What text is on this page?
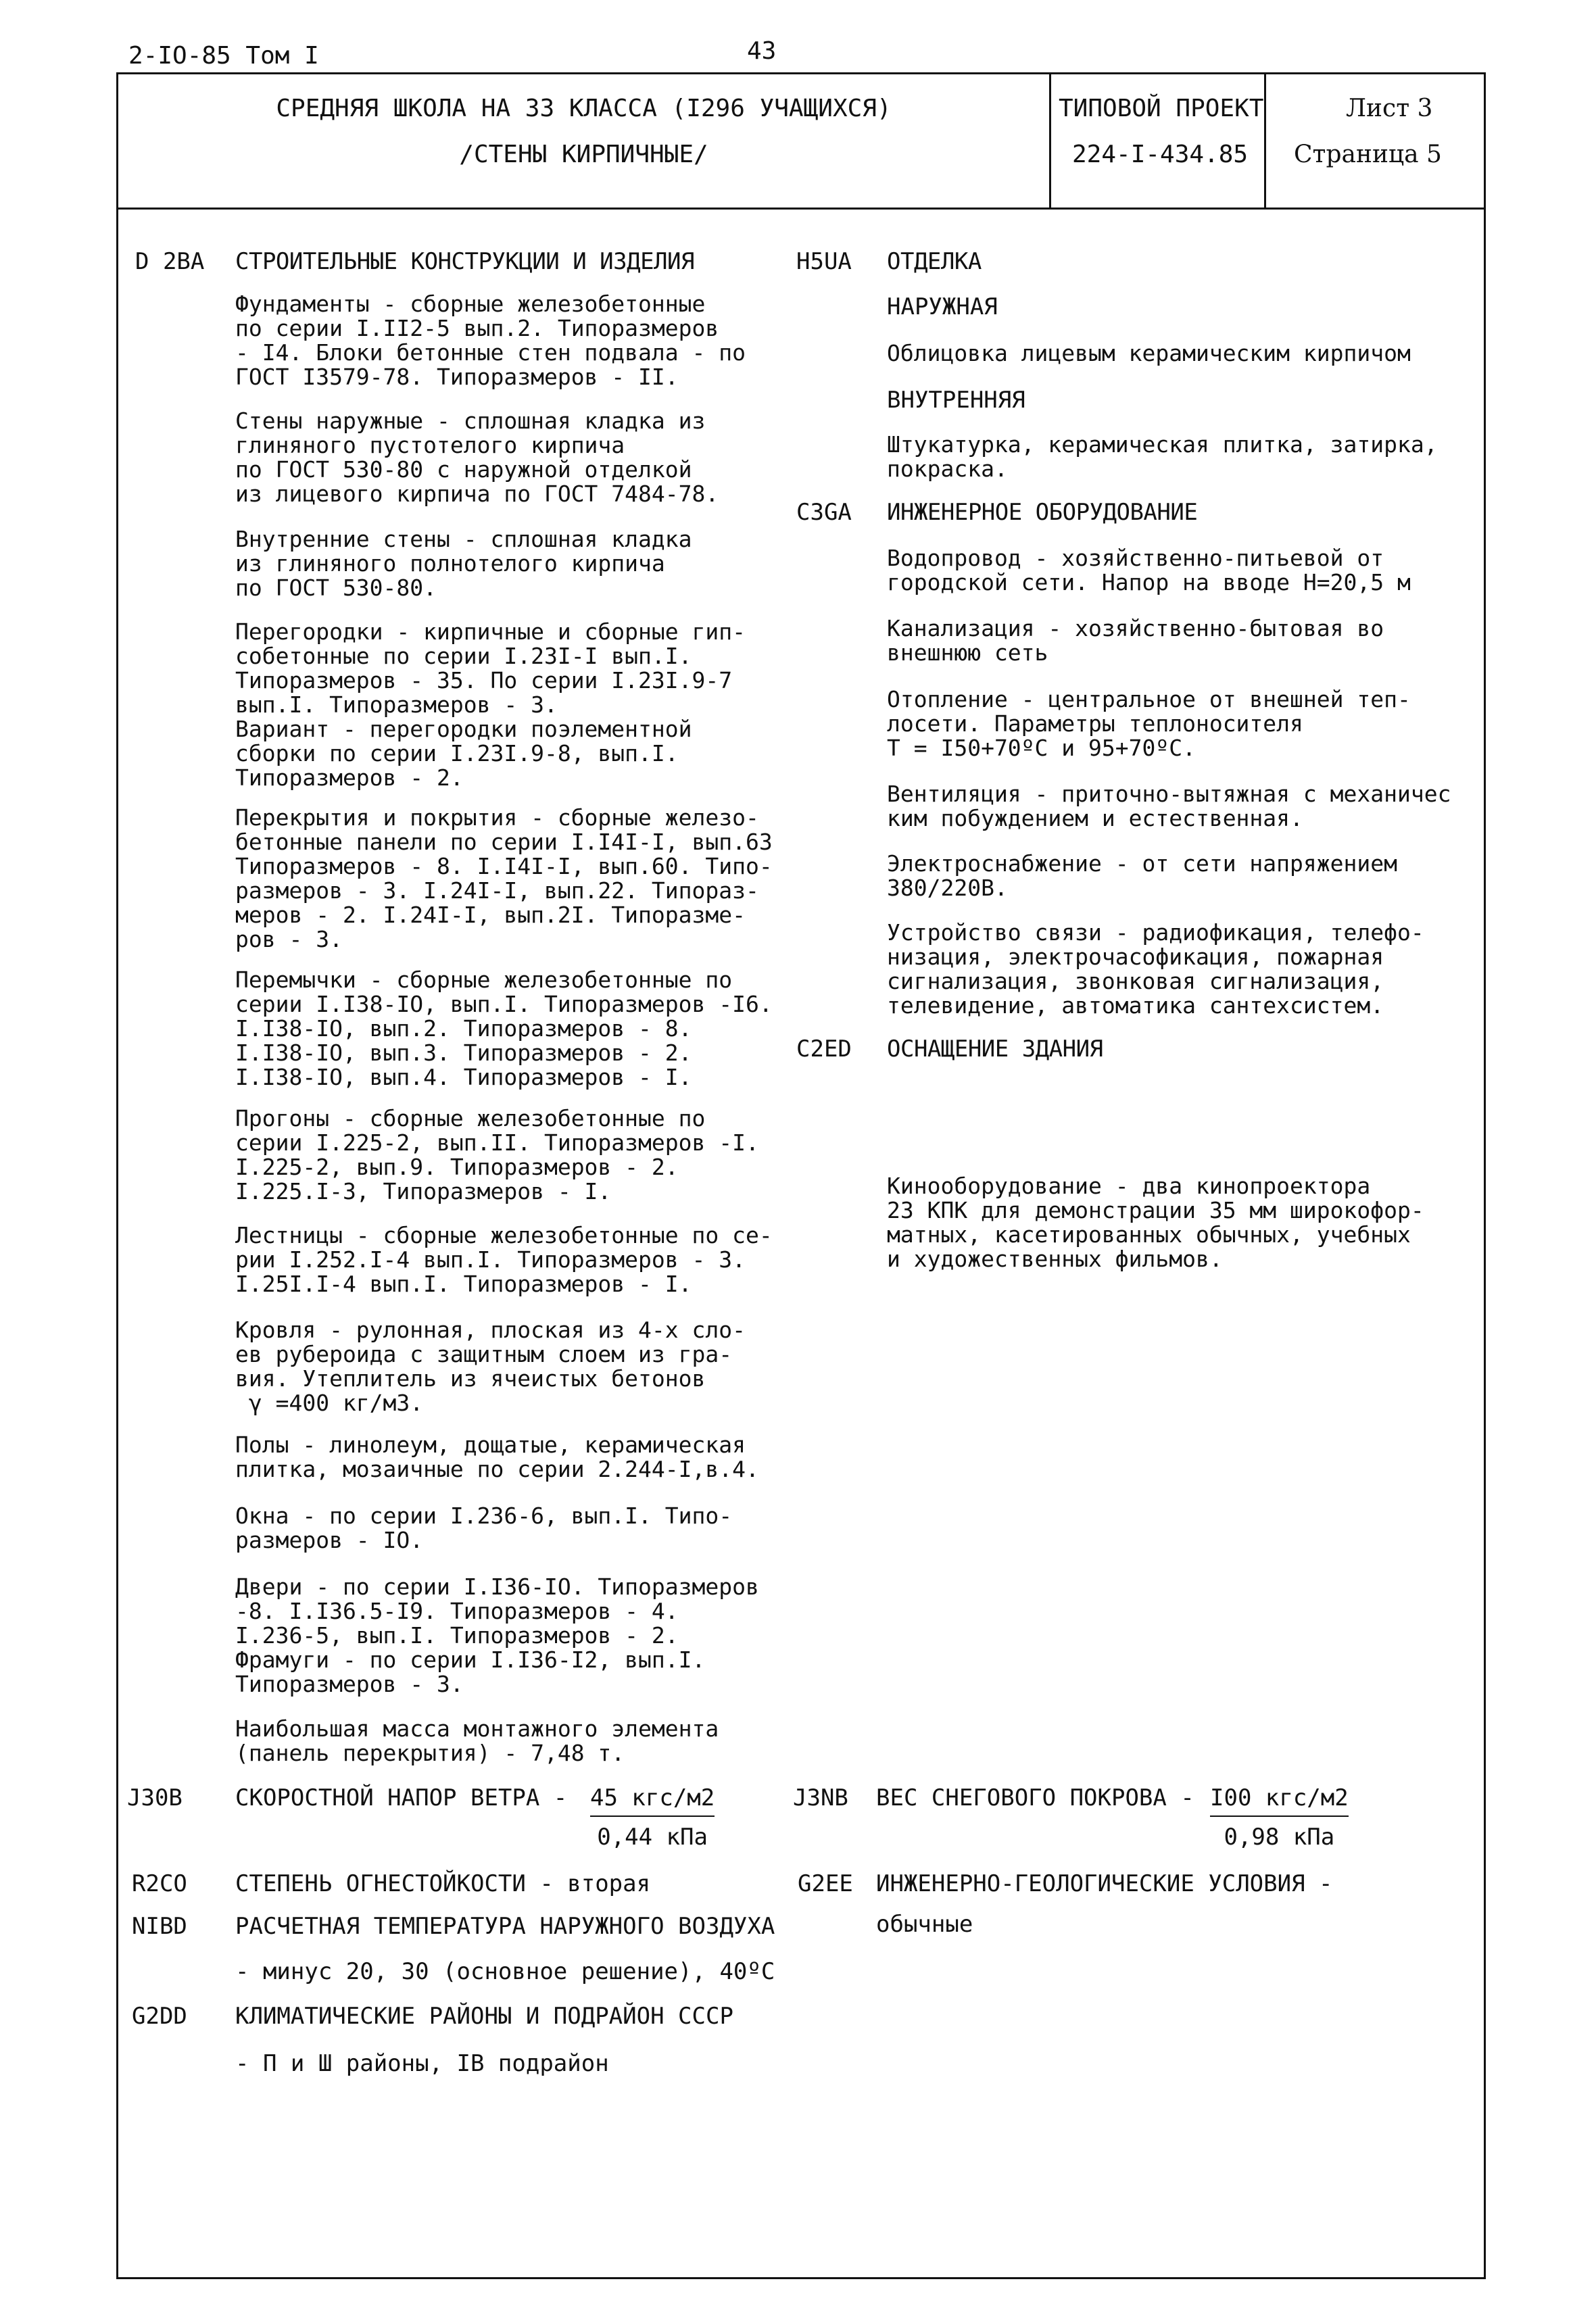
2-IO-85 Том I	43
СРЕДНЯЯ ШКОЛА НА 33 КЛАССА (I296 УЧАЩИХСЯ)
/СТЕНЫ КИРПИЧНЫЕ/
ТИПОВОЙ ПРОЕКТ
224-I-434.85
Лист 3
Страница 5
D 2BA СТРОИТЕЛЬНЫЕ КОНСТРУКЦИИ И ИЗДЕЛИЯ
Фундаменты - сборные железобетонные
по серии I.II2-5 вып.2. Типоразмеров
- I4. Блоки бетонные стен подвала - по
ГОСТ I3579-78. Типоразмеров - II.
Стены наружные - сплошная кладка из
глиняного пустотелого кирпича
по ГОСТ 530-80 с наружной отделкой
из лицевого кирпича по ГОСТ 7484-78.
Внутренние стены - сплошная кладка
из глиняного полнотелого кирпича
по ГОСТ 530-80.
Перегородки - кирпичные и сборные гип-
собетонные по серии I.23I-I вып.I.
Типоразмеров - 35. По серии I.23I.9-7
вып.I. Типоразмеров - 3.
Вариант - перегородки поэлементной
сборки по серии I.23I.9-8, вып.I.
Типоразмеров - 2.
Перекрытия и покрытия - сборные железо-
бетонные панели по серии I.I4I-I, вып.63
Типоразмеров - 8. I.I4I-I, вып.60. Типо-
размеров - 3. I.24I-I, вып.22. Типораз-
меров - 2. I.24I-I, вып.2I. Типоразме-
ров - 3.
Перемычки - сборные железобетонные по
серии I.I38-IO, вып.I. Типоразмеров -I6.
I.I38-IO, вып.2. Типоразмеров - 8.
I.I38-IO, вып.3. Типоразмеров - 2.
I.I38-IO, вып.4. Типоразмеров - I.
Прогоны - сборные железобетонные по
серии I.225-2, вып.II. Типоразмеров -I.
I.225-2, вып.9. Типоразмеров - 2.
I.225.I-3, Типоразмеров - I.
Лестницы - сборные железобетонные по се-
рии I.252.I-4 вып.I. Типоразмеров - 3.
I.25I.I-4 вып.I. Типоразмеров - I.
Кровля - рулонная, плоская из 4-х сло-
ев рубероида с защитным слоем из гра-
вия. Утеплитель из ячеистых бетонов
γ =400 кг/м3.
Полы - линолеум, дощатые, керамическая
плитка, мозаичные по серии 2.244-I,в.4.
Окна - по серии I.236-6, вып.I. Типо-
размеров - IO.
Двери - по серии I.I36-IO. Типоразмеров
-8. I.I36.5-I9. Типоразмеров - 4.
I.236-5, вып.I. Типоразмеров - 2.
Фрамуги - по серии I.I36-I2, вып.I.
Типоразмеров - 3.
Наибольшая масса монтажного элемента
(панель перекрытия) - 7,48 т.
H5UA ОТДЕЛКА
НАРУЖНАЯ
Облицовка лицевым керамическим кирпичом
ВНУТРЕННЯЯ
Штукатурка, керамическая плитка, затирка,
покраска.
C3GA ИНЖЕНЕРНОЕ ОБОРУДОВАНИЕ
Водопровод - хозяйственно-питьевой от
городской сети. Напор на вводе Н=20,5 м
Канализация - хозяйственно-бытовая во
внешнюю сеть
Отопление - центральное от внешней теп-
лосети. Параметры теплоносителя
Т = I50+70ºС и 95+70ºС.
Вентиляция - приточно-вытяжная с механичес
ким побуждением и естественная.
Электроснабжение - от сети напряжением
380/220В.
Устройство связи - радиофикация, телефо-
низация, электрочасофикация, пожарная
сигнализация, звонковая сигнализация,
телевидение, автоматика сантехсистем.
C2ED ОСНАЩЕНИЕ ЗДАНИЯ
Кинооборудование - два кинопроектора
23 КПК для демонстрации 35 мм широкофор-
матных, касетированных обычных, учебных
и художественных фильмов.
J30B СКОРОСТНОЙ НАПОР ВЕТРА - 45 кгс/м2
0,44 кПа
J3NB ВЕС СНЕГОВОГО ПОКРОВА - I00 кгс/м2
0,98 кПа
R2CO СТЕПЕНЬ ОГНЕСТОЙКОСТИ - вторая	G2EE ИНЖЕНЕРНО-ГЕОЛОГИЧЕСКИЕ УСЛОВИЯ -
обычные
NIBD РАСЧЕТНАЯ ТЕМПЕРАТУРА НАРУЖНОГО ВОЗДУХА
- минус 20, 30 (основное решение), 40ºС
G2DD КЛИМАТИЧЕСКИЕ РАЙОНЫ И ПОДРАЙОН СССР
- П и Ш районы, IВ подрайон
